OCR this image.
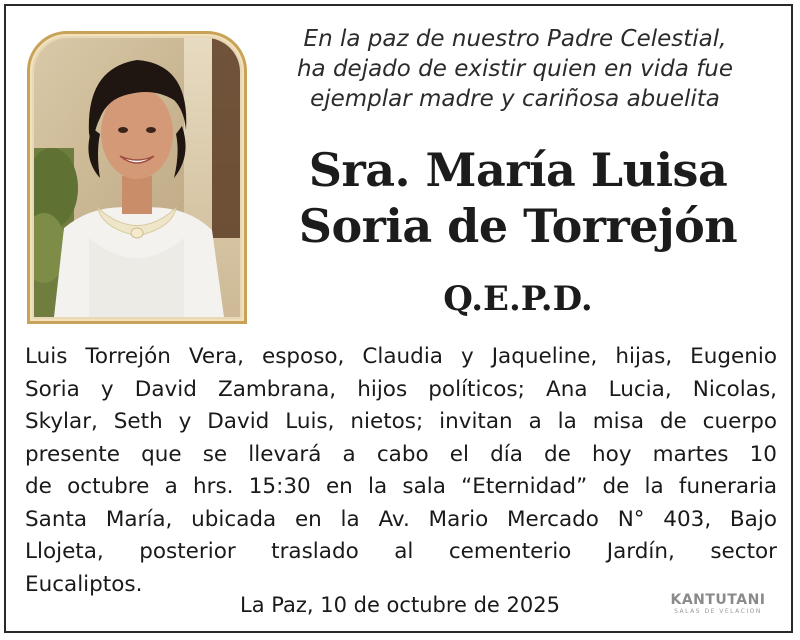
En la paz de nuestro Padre Celestial,
ha dejado de existir quien en vida fue
ejemplar madre y cariñosa abuelita
Sra. María Luisa
Soria de Torrejón
Q.E.P.D.
Luis Torrejón Vera, esposo, Claudia y Jaqueline, hijas, Eugenio
Soria y David Zambrana, hijos políticos; Ana Lucia, Nicolas,
Skylar, Seth y David Luis, nietos; invitan a la misa de cuerpo
presente que se llevará a cabo el día de hoy martes 10
de octubre a hrs. 15:30 en la sala “Eternidad” de la funeraria
Santa María, ubicada en la Av. Mario Mercado N° 403, Bajo
Llojeta, posterior traslado al cementerio Jardín, sector
Eucaliptos.
La Paz, 10 de octubre de 2025	KANTUTANI
SALAS DE VELACION
